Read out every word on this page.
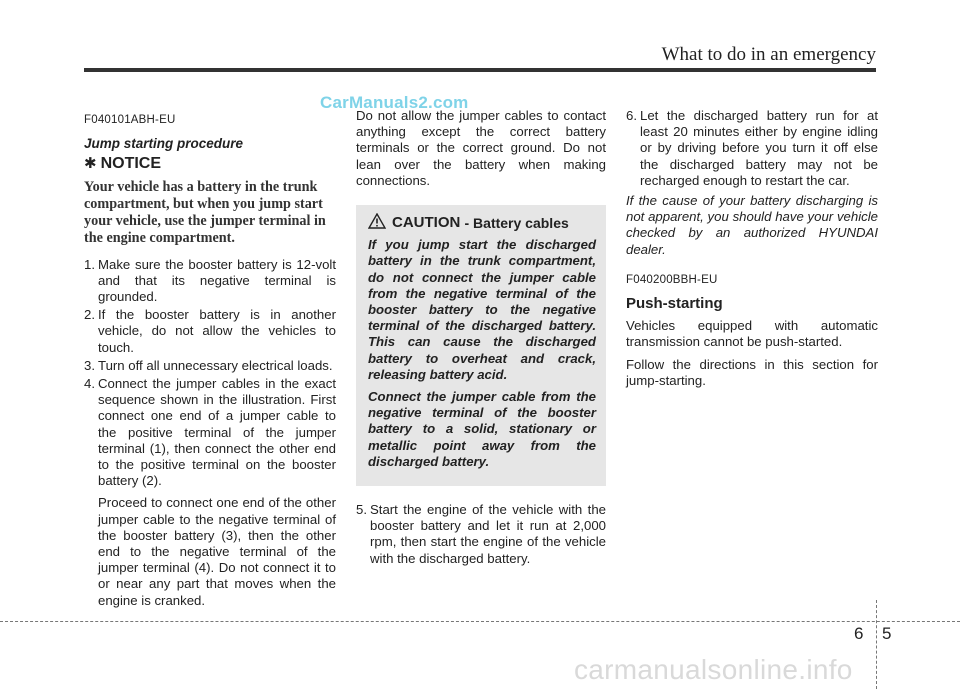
What to do in an emergency
CarManuals2.com
F040101ABH-EU
Jump starting procedure
✱ NOTICE
Your vehicle has a battery in the trunk compartment, but when you jump start your vehicle, use the jumper terminal in the engine compartment.
1. Make sure the booster battery is 12-volt and that its negative terminal is grounded.
2. If the booster battery is in another vehicle, do not allow the vehicles to touch.
3. Turn off all unnecessary electrical loads.
4. Connect the jumper cables in the exact sequence shown in the illustration. First connect one end of a jumper cable to the positive terminal of the jumper terminal (1), then connect the other end to the positive terminal on the booster battery (2).
Proceed to connect one end of the other jumper cable to the negative terminal of the booster battery (3), then the other end to the negative terminal of the jumper terminal (4). Do not connect it to or near any part that moves when the engine is cranked.
Do not allow the jumper cables to contact anything except the correct battery terminals or the correct ground. Do not lean over the battery when making connections.
CAUTION
- Battery cables
If you jump start the discharged battery in the trunk compartment, do not connect the jumper cable from the negative terminal of the booster battery to the negative terminal of the discharged battery. This can cause the discharged battery to overheat and crack, releasing battery acid.
Connect the jumper cable from the negative terminal of the booster battery to a solid, stationary or metallic point away from the discharged battery.
5. Start the engine of the vehicle with the booster battery and let it run at 2,000 rpm, then start the engine of the vehicle with the discharged battery.
6. Let the discharged battery run for at least 20 minutes either by engine idling or by driving before you turn it off else the discharged battery may not be recharged enough to restart the car.
If the cause of your battery discharging is not apparent, you should have your vehicle checked by an authorized HYUNDAI dealer.
F040200BBH-EU
Push-starting
Vehicles equipped with automatic transmission cannot be push-started.
Follow the directions in this section for jump-starting.
6 5
carmanualsonline.info
